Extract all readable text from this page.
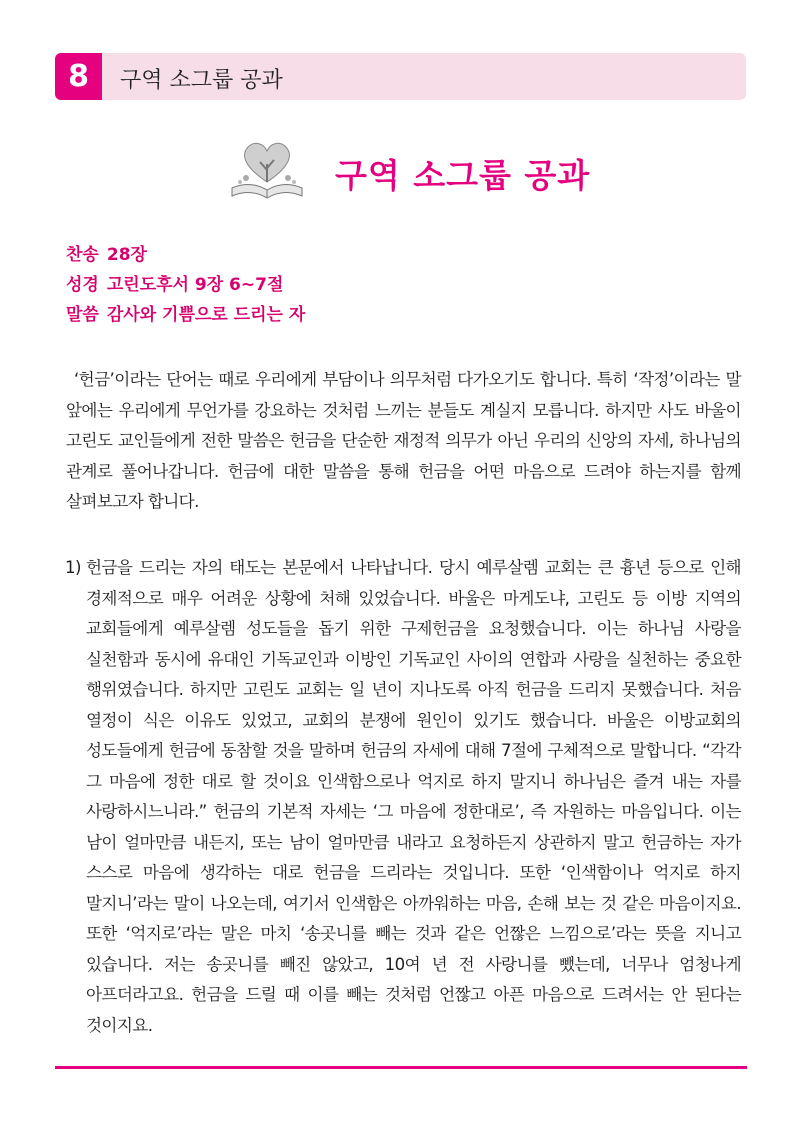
8	구역 소그룹 공과
구역 소그룹 공과
찬송 28장
성경 고린도후서 9장 6~7절
말씀 감사와 기쁨으로 드리는 자
‘헌금’이라는 단어는 때로 우리에게 부담이나 의무처럼 다가오기도 합니다. 특히 ‘작정’이라는 말 앞에는 우리에게 무언가를 강요하는 것처럼 느끼는 분들도 계실지 모릅니다. 하지만 사도 바울이 고린도 교인들에게 전한 말씀은 헌금을 단순한 재정적 의무가 아닌 우리의 신앙의 자세, 하나님의 관계로 풀어나갑니다. 헌금에 대한 말씀을 통해 헌금을 어떤 마음으로 드려야 하는지를 함께 살펴보고자 합니다.
1) 헌금을 드리는 자의 태도는 본문에서 나타납니다. 당시 예루살렘 교회는 큰 흉년 등으로 인해 경제적으로 매우 어려운 상황에 처해 있었습니다. 바울은 마게도냐, 고린도 등 이방 지역의 교회들에게 예루살렘 성도들을 돕기 위한 구제헌금을 요청했습니다. 이는 하나님 사랑을 실천함과 동시에 유대인 기독교인과 이방인 기독교인 사이의 연합과 사랑을 실천하는 중요한 행위였습니다. 하지만 고린도 교회는 일 년이 지나도록 아직 헌금을 드리지 못했습니다. 처음 열정이 식은 이유도 있었고, 교회의 분쟁에 원인이 있기도 했습니다. 바울은 이방교회의 성도들에게 헌금에 동참할 것을 말하며 헌금의 자세에 대해 7절에 구체적으로 말합니다. “각각 그 마음에 정한 대로 할 것이요 인색함으로나 억지로 하지 말지니 하나님은 즐겨 내는 자를 사랑하시느니라.” 헌금의 기본적 자세는 ‘그 마음에 정한대로’, 즉 자원하는 마음입니다. 이는 남이 얼마만큼 내든지, 또는 남이 얼마만큼 내라고 요청하든지 상관하지 말고 헌금하는 자가 스스로 마음에 생각하는 대로 헌금을 드리라는 것입니다. 또한 ‘인색함이나 억지로 하지 말지니’라는 말이 나오는데, 여기서 인색함은 아까워하는 마음, 손해 보는 것 같은 마음이지요. 또한 ‘억지로’라는 말은 마치 ‘송곳니를 빼는 것과 같은 언짢은 느낌으로’라는 뜻을 지니고 있습니다. 저는 송곳니를 빼진 않았고, 10여 년 전 사랑니를 뺐는데, 너무나 엄청나게 아프더라고요. 헌금을 드릴 때 이를 빼는 것처럼 언짢고 아픈 마음으로 드려서는 안 된다는 것이지요.
